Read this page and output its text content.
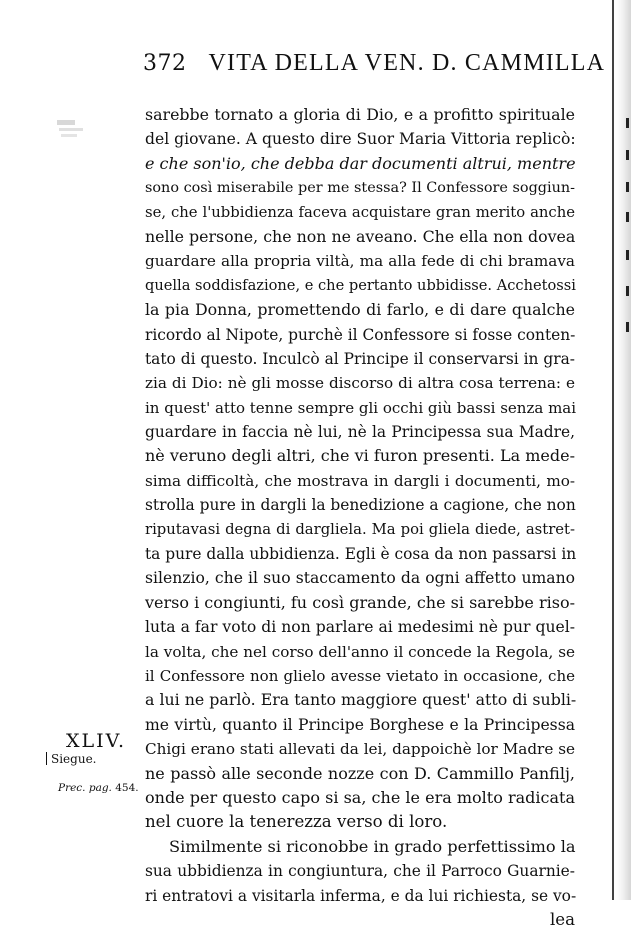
372 VITA DELLA VEN. D. CAMMILLA
sarebbe tornato a gloria di Dio, e a profitto spirituale
del giovane. A questo dire Suor Maria Vittoria replicò:
e che son'io, che debba dar documenti altrui, mentre
sono così miserabile per me stessa? Il Confessore soggiun-
se, che l'ubbidienza faceva acquistare gran merito anche
nelle persone, che non ne aveano. Che ella non dovea
guardare alla propria viltà, ma alla fede di chi bramava
quella soddisfazione, e che pertanto ubbidisse. Acchetossi
la pia Donna, promettendo di farlo, e di dare qualche
ricordo al Nipote, purchè il Confessore si fosse conten-
tato di questo. Inculcò al Principe il conservarsi in gra-
zia di Dio: nè gli mosse discorso di altra cosa terrena: e
in quest' atto tenne sempre gli occhi giù bassi senza mai
guardare in faccia nè lui, nè la Principessa sua Madre,
nè veruno degli altri, che vi furon presenti. La mede-
sima difficoltà, che mostrava in dargli i documenti, mo-
strolla pure in dargli la benedizione a cagione, che non
riputavasi degna di dargliela. Ma poi gliela diede, astret-
ta pure dalla ubbidienza. Egli è cosa da non passarsi in
silenzio, che il suo staccamento da ogni affetto umano
verso i congiunti, fu così grande, che si sarebbe riso-
luta a far voto di non parlare ai medesimi nè pur quel-
la volta, che nel corso dell'anno il concede la Regola, se
il Confessore non glielo avesse vietato in occasione, che
a lui ne parlò. Era tanto maggiore quest' atto di subli-
me virtù, quanto il Principe Borghese e la Principessa
Chigi erano stati allevati da lei, dappoichè lor Madre se
ne passò alle seconde nozze con D. Cammillo Panfilj,
onde per questo capo si sa, che le era molto radicata
nel cuore la tenerezza verso di loro.
Similmente si riconobbe in grado perfettissimo la
sua ubbidienza in congiuntura, che il Parroco Guarnie-
ri entratovi a visitarla inferma, e da lui richiesta, se vo-
lea
XLIV.
Siegue.
Prec. pag. 454.
